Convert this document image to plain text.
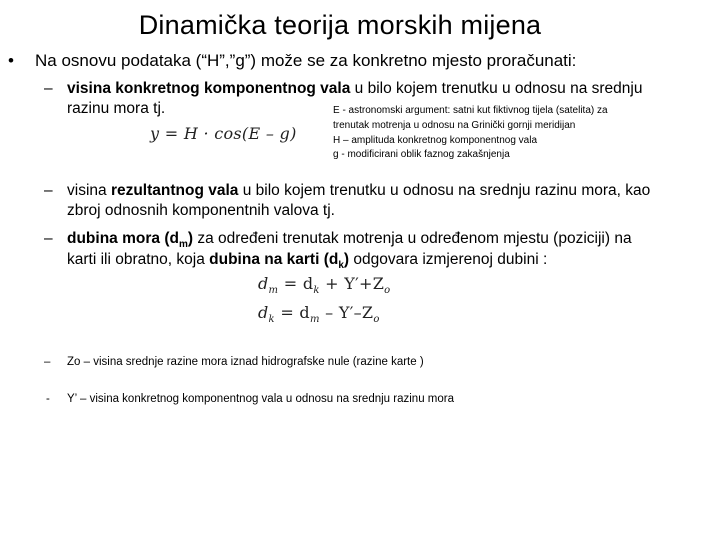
Dinamička teorija morskih mijena
• Na osnovu podataka (“H”,”g”) može se za konkretno mjesto proračunati:
– visina konkretnog komponentnog vala u bilo kojem trenutku u odnosu na srednju
razinu mora tj.
y = H · cos(E – g)
E - astronomski argument: satni kut fiktivnog tijela (satelita) za
trenutak motrenja u odnosu na Grinički gornji meridijan
H – amplituda konkretnog komponentnog vala
g - modificirani oblik faznog zakašnjenja
– visina rezultantnog vala u bilo kojem trenutku u odnosu na srednju razinu mora, kao
zbroj odnosnih komponentnih valova tj.
– dubina mora $(d_m)$ za određeni trenutak motrenja u određenom mjestu (poziciji) na
karti ili obratno, koja dubina na karti $(d_k)$ odgovara izmjerenoj dubini :
$d_m = d_k + Y'+Z_o$
$d_k = d_m - Y'-Z_o$
– Zo – visina srednje razine mora iznad hidrografske nule (razine karte )
- Y’ – visina konkretnog komponentnog vala u odnosu na srednju razinu mora
